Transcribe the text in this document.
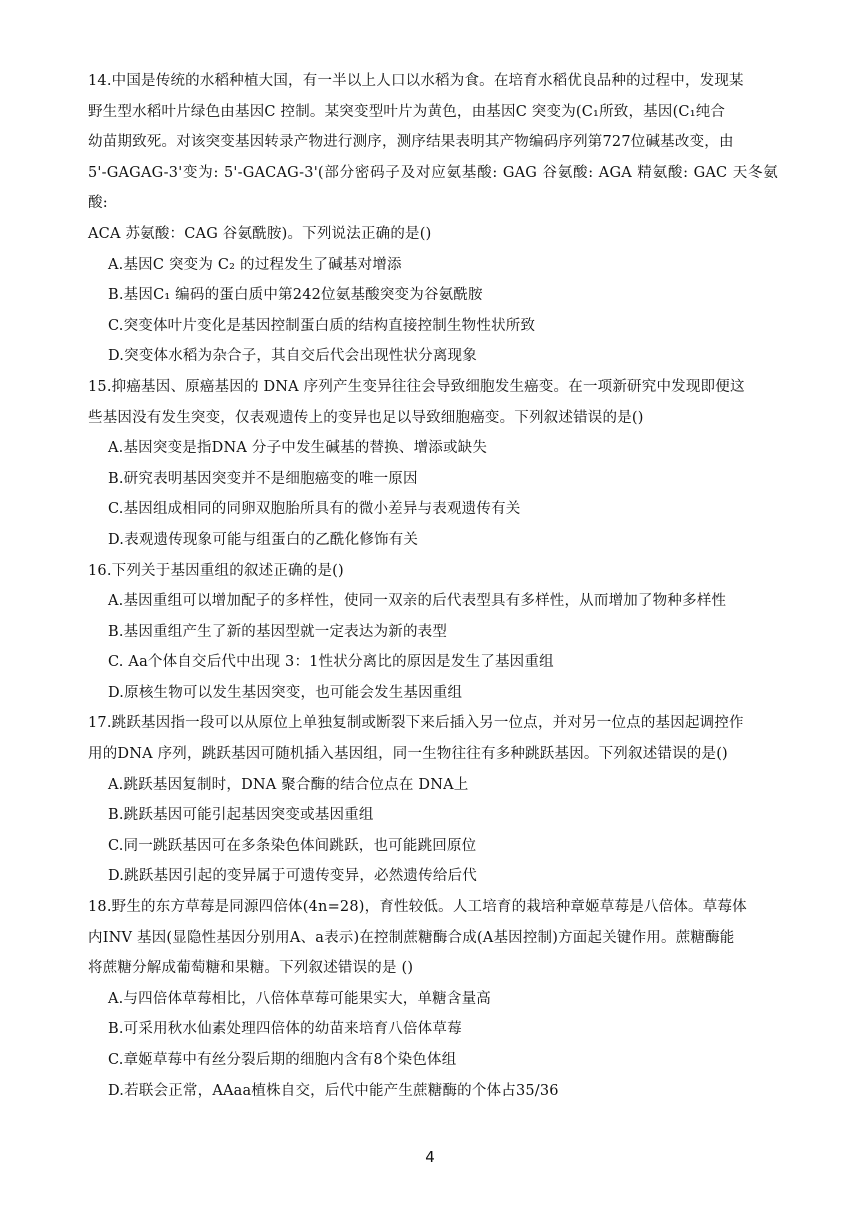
14.中国是传统的水稻种植大国，有一半以上人口以水稻为食。在培育水稻优良品种的过程中，发现某

野生型水稻叶片绿色由基因C 控制。某突变型叶片为黄色，由基因C 突变为(C₁所致，基因(C₁纯合

幼苗期致死。对该突变基因转录产物进行测序，测序结果表明其产物编码序列第727位碱基改变，由

5'-GAGAG-3'变为: 5'-GACAG-3'(部分密码子及对应氨基酸: GAG 谷氨酸: AGA 精氨酸: GAC 天冬氨酸:

ACA 苏氨酸：CAG 谷氨酰胺)。下列说法正确的是()

A.基因C 突变为 C₂ 的过程发生了碱基对增添

B.基因C₁ 编码的蛋白质中第242位氨基酸突变为谷氨酰胺

C.突变体叶片变化是基因控制蛋白质的结构直接控制生物性状所致

D.突变体水稻为杂合子，其自交后代会出现性状分离现象

15.抑癌基因、原癌基因的 DNA 序列产生变异往往会导致细胞发生癌变。在一项新研究中发现即便这

些基因没有发生突变，仅表观遗传上的变异也足以导致细胞癌变。下列叙述错误的是()

A.基因突变是指DNA 分子中发生碱基的替换、增添或缺失

B.研究表明基因突变并不是细胞癌变的唯一原因

C.基因组成相同的同卵双胞胎所具有的微小差异与表观遗传有关

D.表观遗传现象可能与组蛋白的乙酰化修饰有关

16.下列关于基因重组的叙述正确的是()

A.基因重组可以增加配子的多样性，使同一双亲的后代表型具有多样性，从而增加了物种多样性

B.基因重组产生了新的基因型就一定表达为新的表型

C. Aa个体自交后代中出现 3：1性状分离比的原因是发生了基因重组

D.原核生物可以发生基因突变，也可能会发生基因重组

17.跳跃基因指一段可以从原位上单独复制或断裂下来后插入另一位点，并对另一位点的基因起调控作

用的DNA 序列，跳跃基因可随机插入基因组，同一生物往往有多种跳跃基因。下列叙述错误的是()

A.跳跃基因复制时，DNA 聚合酶的结合位点在 DNA上

B.跳跃基因可能引起基因突变或基因重组

C.同一跳跃基因可在多条染色体间跳跃，也可能跳回原位

D.跳跃基因引起的变异属于可遗传变异，必然遗传给后代

18.野生的东方草莓是同源四倍体(4n=28)，育性较低。人工培育的栽培种章姬草莓是八倍体。草莓体

内INV 基因(显隐性基因分别用A、a表示)在控制蔗糖酶合成(A基因控制)方面起关键作用。蔗糖酶能

将蔗糖分解成葡萄糖和果糖。下列叙述错误的是 ()

A.与四倍体草莓相比，八倍体草莓可能果实大，单糖含量高

B.可采用秋水仙素处理四倍体的幼苗来培育八倍体草莓

C.章姬草莓中有丝分裂后期的细胞内含有8个染色体组

D.若联会正常，AAaa植株自交，后代中能产生蔗糖酶的个体占35/36

4
